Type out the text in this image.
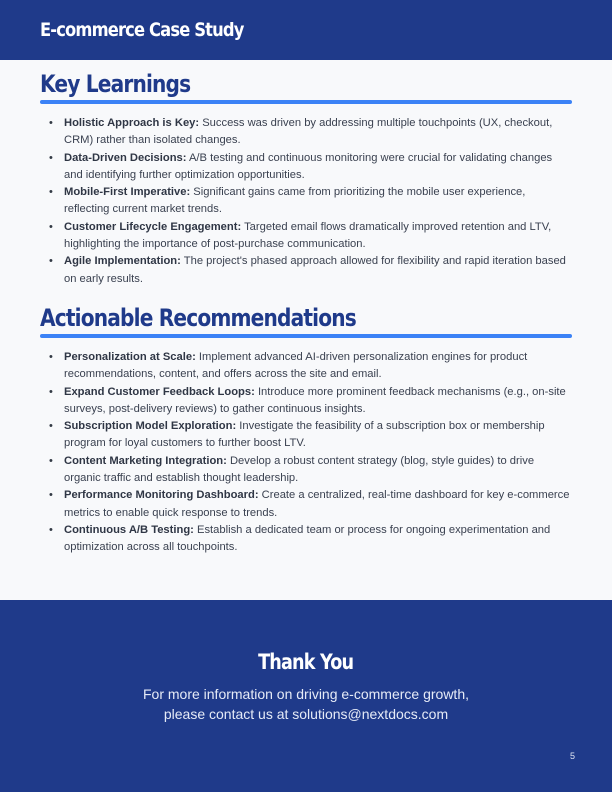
E-commerce Case Study
Key Learnings
• Holistic Approach is Key: Success was driven by addressing multiple touchpoints (UX, checkout, CRM) rather than isolated changes.
• Data-Driven Decisions: A/B testing and continuous monitoring were crucial for validating changes and identifying further optimization opportunities.
• Mobile-First Imperative: Significant gains came from prioritizing the mobile user experience, reflecting current market trends.
• Customer Lifecycle Engagement: Targeted email flows dramatically improved retention and LTV, highlighting the importance of post-purchase communication.
• Agile Implementation: The project's phased approach allowed for flexibility and rapid iteration based on early results.
Actionable Recommendations
• Personalization at Scale: Implement advanced AI-driven personalization engines for product recommendations, content, and offers across the site and email.
• Expand Customer Feedback Loops: Introduce more prominent feedback mechanisms (e.g., on-site surveys, post-delivery reviews) to gather continuous insights.
• Subscription Model Exploration: Investigate the feasibility of a subscription box or membership program for loyal customers to further boost LTV.
• Content Marketing Integration: Develop a robust content strategy (blog, style guides) to drive organic traffic and establish thought leadership.
• Performance Monitoring Dashboard: Create a centralized, real-time dashboard for key e-commerce metrics to enable quick response to trends.
• Continuous A/B Testing: Establish a dedicated team or process for ongoing experimentation and optimization across all touchpoints.
Thank You
For more information on driving e-commerce growth,
please contact us at solutions@nextdocs.com
5
